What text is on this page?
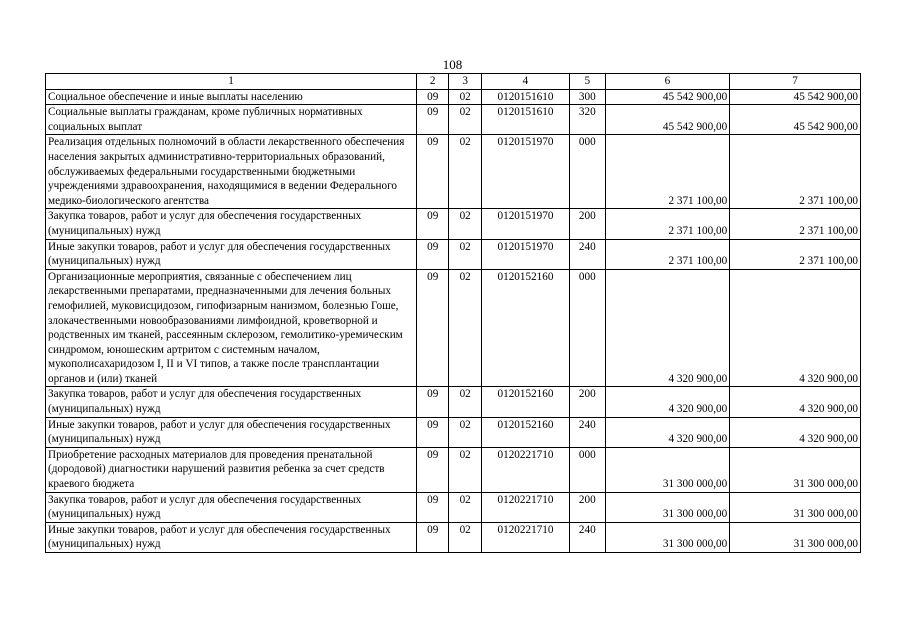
108
1	2	3	4	5	6	7
Социальное обеспечение и иные выплаты населению	09	02	0120151610	300	45 542 900,00	45 542 900,00
Социальные выплаты гражданам, кроме публичных нормативных социальных выплат	09	02	0120151610	320	45 542 900,00	45 542 900,00
Реализация отдельных полномочий в области лекарственного обеспечения населения закрытых административно-территориальных образований, обслуживаемых федеральными государственными бюджетными учреждениями здравоохранения, находящимися в ведении Федерального медико-биологического агентства	09	02	0120151970	000	2 371 100,00	2 371 100,00
Закупка товаров, работ и услуг для обеспечения государственных (муниципальных) нужд	09	02	0120151970	200	2 371 100,00	2 371 100,00
Иные закупки товаров, работ и услуг для обеспечения государственных (муниципальных) нужд	09	02	0120151970	240	2 371 100,00	2 371 100,00
Организационные мероприятия, связанные с обеспечением лиц лекарственными препаратами, предназначенными для лечения больных гемофилией, муковисцидозом, гипофизарным нанизмом, болезнью Гоше, злокачественными новообразованиями лимфоидной, кроветворной и родственных им тканей, рассеянным склерозом, гемолитико-уремическим синдромом, юношеским артритом с системным началом, мукополисахаридозом I, II и VI типов, а также после трансплантации органов и (или) тканей	09	02	0120152160	000	4 320 900,00	4 320 900,00
Закупка товаров, работ и услуг для обеспечения государственных (муниципальных) нужд	09	02	0120152160	200	4 320 900,00	4 320 900,00
Иные закупки товаров, работ и услуг для обеспечения государственных (муниципальных) нужд	09	02	0120152160	240	4 320 900,00	4 320 900,00
Приобретение расходных материалов для проведения пренатальной (дородовой) диагностики нарушений развития ребенка за счет средств краевого бюджета	09	02	0120221710	000	31 300 000,00	31 300 000,00
Закупка товаров, работ и услуг для обеспечения государственных (муниципальных) нужд	09	02	0120221710	200	31 300 000,00	31 300 000,00
Иные закупки товаров, работ и услуг для обеспечения государственных (муниципальных) нужд	09	02	0120221710	240	31 300 000,00	31 300 000,00
